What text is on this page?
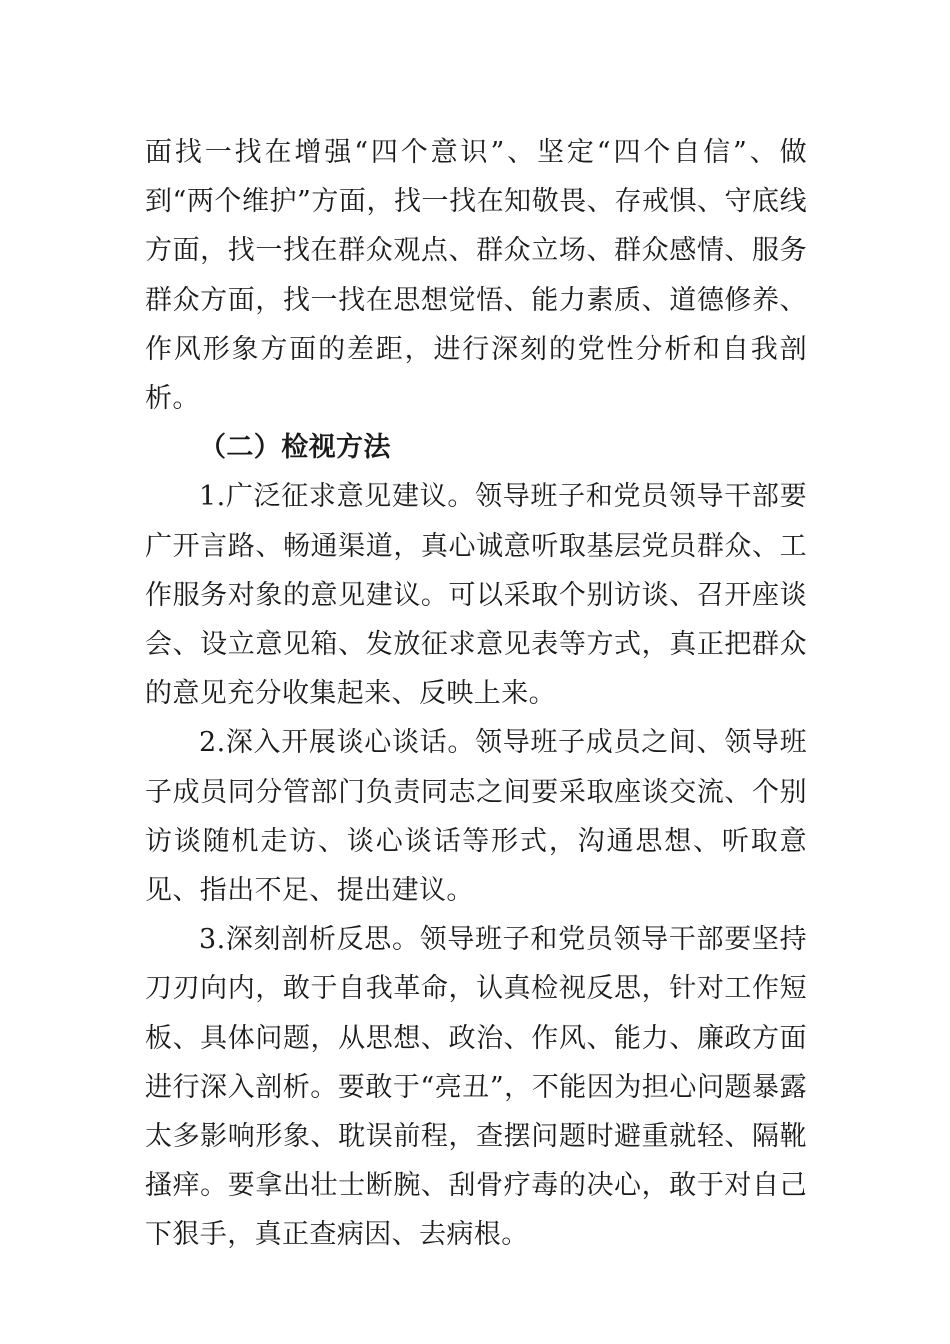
面找一找在增强“四个意识”、坚定“四个自信”、做到“两个维护”方面，找一找在知敬畏、存戒惧、守底线方面，找一找在群众观点、群众立场、群众感情、服务群众方面，找一找在思想觉悟、能力素质、道德修养、作风形象方面的差距，进行深刻的党性分析和自我剖析。

（二）检视方法

1.广泛征求意见建议。领导班子和党员领导干部要广开言路、畅通渠道，真心诚意听取基层党员群众、工作服务对象的意见建议。可以采取个别访谈、召开座谈会、设立意见箱、发放征求意见表等方式，真正把群众的意见充分收集起来、反映上来。

2.深入开展谈心谈话。领导班子成员之间、领导班子成员同分管部门负责同志之间要采取座谈交流、个别访谈随机走访、谈心谈话等形式，沟通思想、听取意见、指出不足、提出建议。

3.深刻剖析反思。领导班子和党员领导干部要坚持刀刃向内，敢于自我革命，认真检视反思，针对工作短板、具体问题，从思想、政治、作风、能力、廉政方面进行深入剖析。要敢于“亮丑”，不能因为担心问题暴露太多影响形象、耽误前程，查摆问题时避重就轻、隔靴搔痒。要拿出壮士断腕、刮骨疗毒的决心，敢于对自己下狠手，真正查病因、去病根。
